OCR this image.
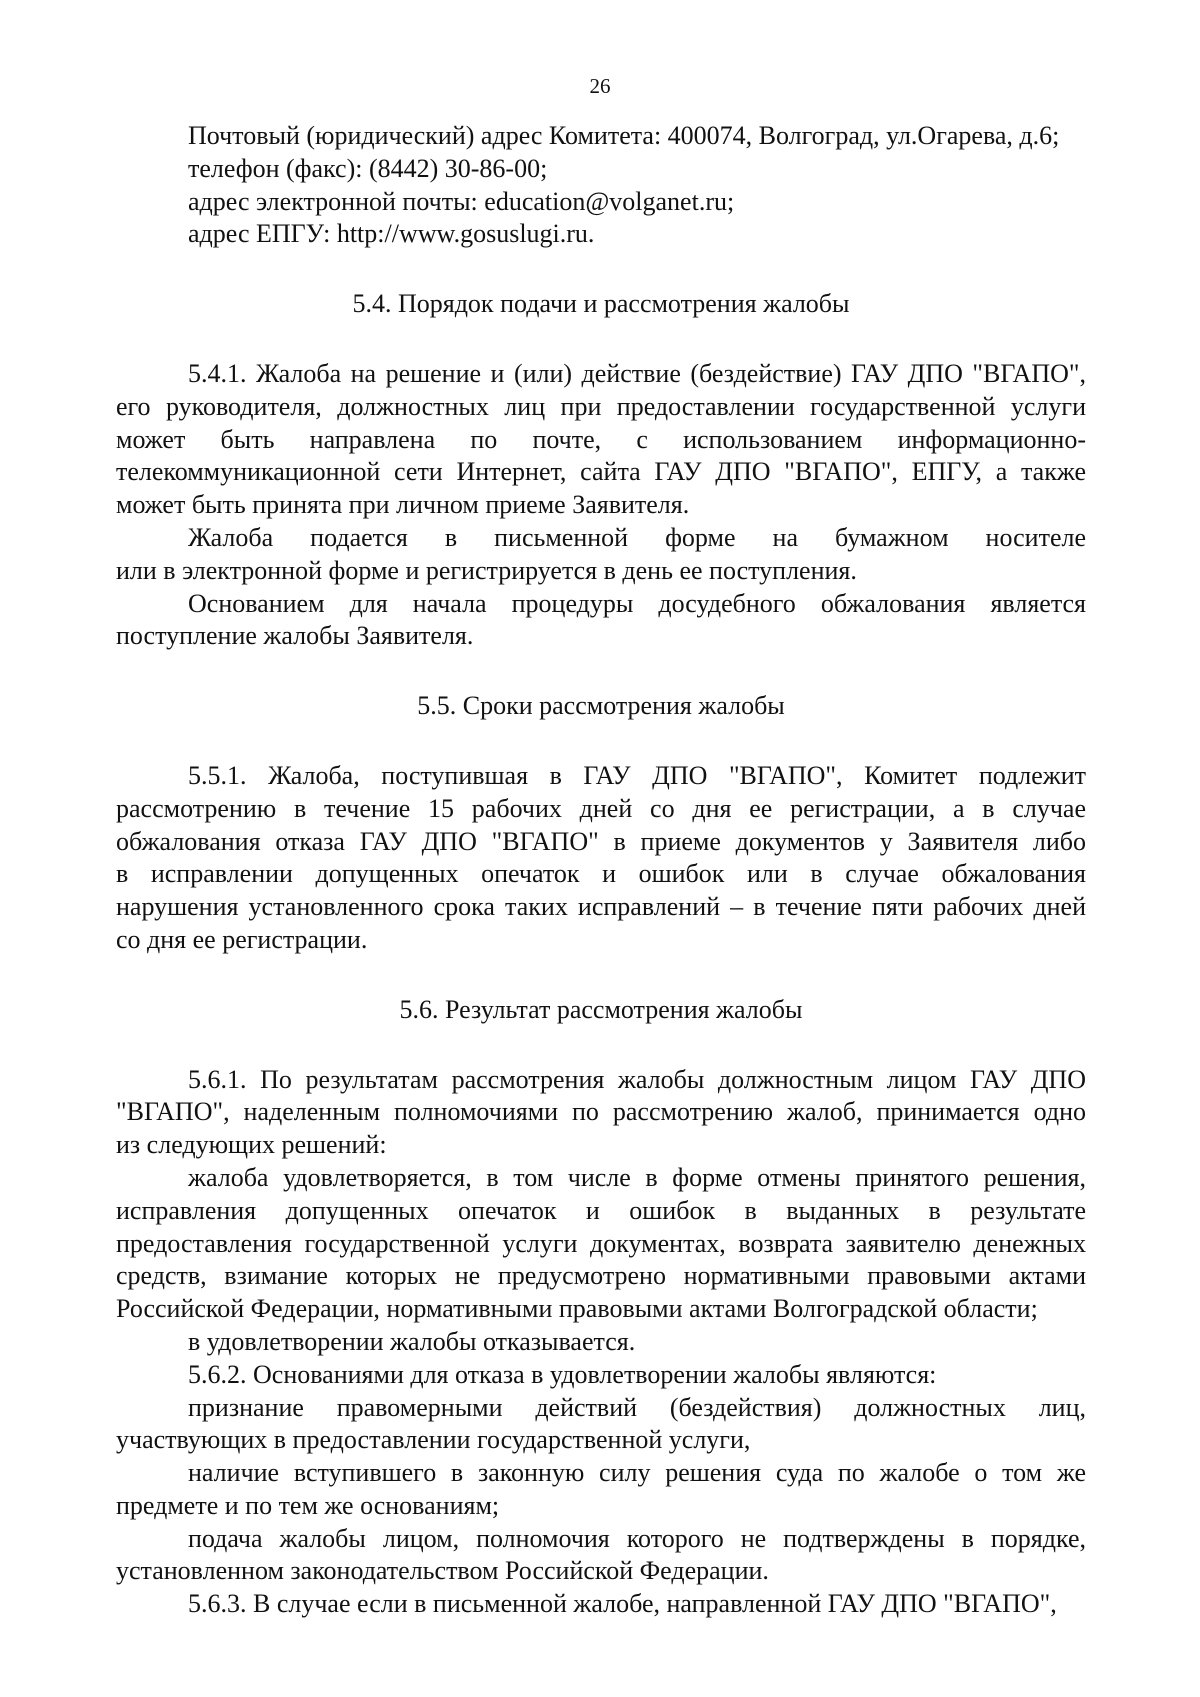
26
Почтовый (юридический) адрес Комитета: 400074, Волгоград, ул.Огарева, д.6;
телефон (факс): (8442) 30-86-00;
адрес электронной почты: education@volganet.ru;
адрес ЕПГУ: http://www.gosuslugi.ru.
5.4. Порядок подачи и рассмотрения жалобы
5.4.1. Жалоба на решение и (или) действие (бездействие) ГАУ ДПО "ВГАПО",
его руководителя, должностных лиц при предоставлении государственной услуги
может быть направлена по почте, с использованием информационно-
телекоммуникационной сети Интернет, сайта ГАУ ДПО "ВГАПО", ЕПГУ, а также
может быть принята при личном приеме Заявителя.
Жалоба подается в письменной форме на бумажном носителе
или в электронной форме и регистрируется в день ее поступления.
Основанием для начала процедуры досудебного обжалования является
поступление жалобы Заявителя.
5.5. Сроки рассмотрения жалобы
5.5.1. Жалоба, поступившая в ГАУ ДПО "ВГАПО", Комитет подлежит
рассмотрению в течение 15 рабочих дней со дня ее регистрации, а в случае
обжалования отказа ГАУ ДПО "ВГАПО" в приеме документов у Заявителя либо
в исправлении допущенных опечаток и ошибок или в случае обжалования
нарушения установленного срока таких исправлений – в течение пяти рабочих дней
со дня ее регистрации.
5.6. Результат рассмотрения жалобы
5.6.1. По результатам рассмотрения жалобы должностным лицом ГАУ ДПО
"ВГАПО", наделенным полномочиями по рассмотрению жалоб, принимается одно
из следующих решений:
жалоба удовлетворяется, в том числе в форме отмены принятого решения,
исправления допущенных опечаток и ошибок в выданных в результате
предоставления государственной услуги документах, возврата заявителю денежных
средств, взимание которых не предусмотрено нормативными правовыми актами
Российской Федерации, нормативными правовыми актами Волгоградской области;
в удовлетворении жалобы отказывается.
5.6.2. Основаниями для отказа в удовлетворении жалобы являются:
признание правомерными действий (бездействия) должностных лиц,
участвующих в предоставлении государственной услуги,
наличие вступившего в законную силу решения суда по жалобе о том же
предмете и по тем же основаниям;
подача жалобы лицом, полномочия которого не подтверждены в порядке,
установленном законодательством Российской Федерации.
5.6.3. В случае если в письменной жалобе, направленной ГАУ ДПО "ВГАПО",
